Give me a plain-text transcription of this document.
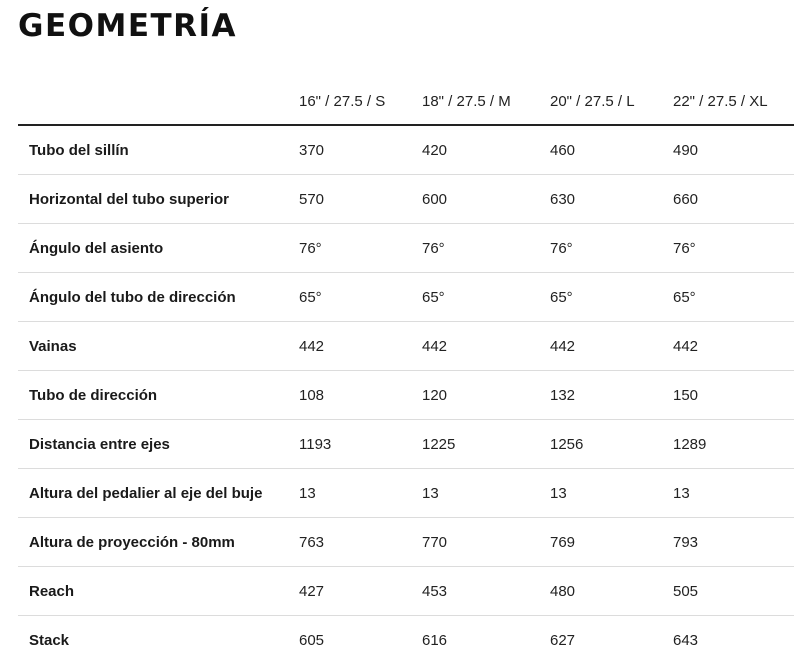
GEOMETRÍA
	16" / 27.5 / S	18" / 27.5 / M	20" / 27.5 / L	22" / 27.5 / XL
Tubo del sillín	370	420	460	490
Horizontal del tubo superior	570	600	630	660
Ángulo del asiento	76°	76°	76°	76°
Ángulo del tubo de dirección	65°	65°	65°	65°
Vainas	442	442	442	442
Tubo de dirección	108	120	132	150
Distancia entre ejes	1193	1225	1256	1289
Altura del pedalier al eje del buje	13	13	13	13
Altura de proyección - 80mm	763	770	769	793
Reach	427	453	480	505
Stack	605	616	627	643
